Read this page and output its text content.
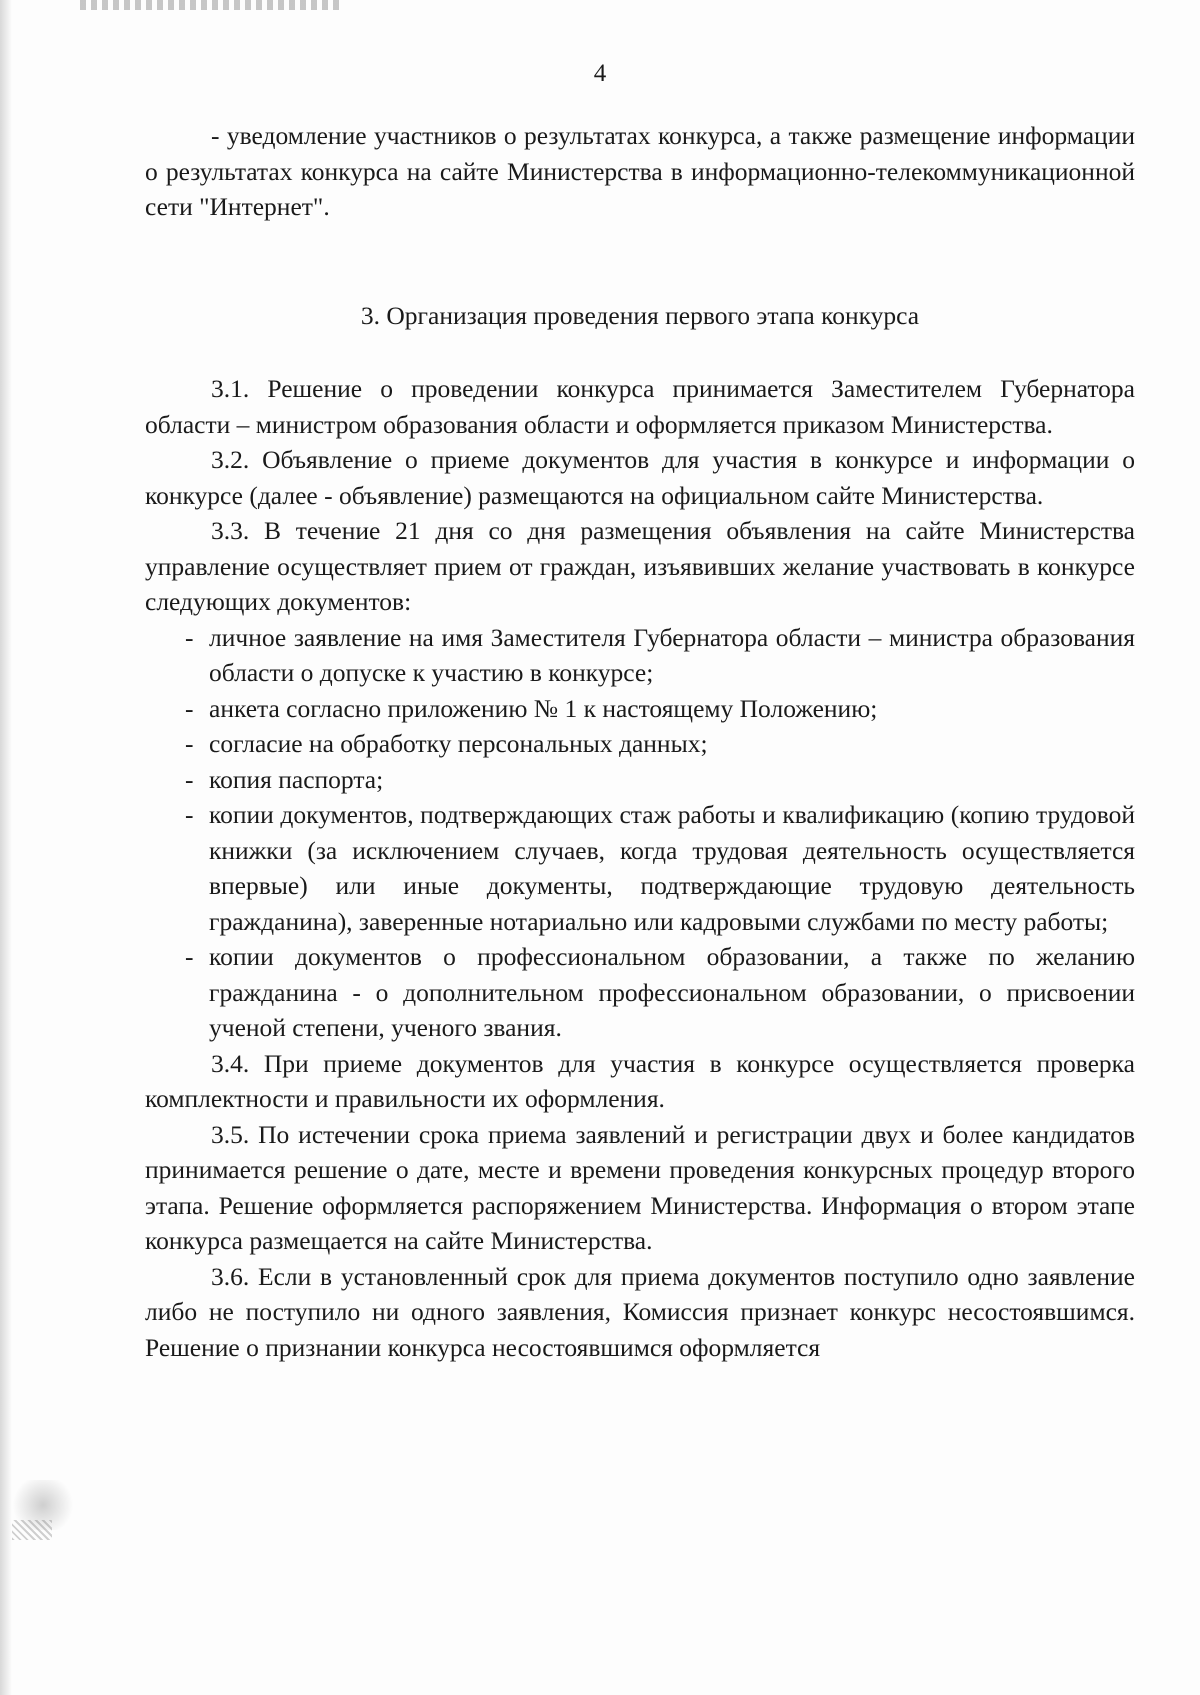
4

- уведомление участников о результатах конкурса, а также размещение информации о результатах конкурса на сайте Министерства в информационно-телекоммуникационной сети "Интернет".

3. Организация проведения первого этапа конкурса

3.1. Решение о проведении конкурса принимается Заместителем Губернатора области – министром образования области и оформляется приказом Министерства.

3.2. Объявление о приеме документов для участия в конкурсе и информации о конкурсе (далее - объявление) размещаются на официальном сайте Министерства.

3.3. В течение 21 дня со дня размещения объявления на сайте Министерства управление осуществляет прием от граждан, изъявивших желание участвовать в конкурсе следующих документов:

- личное заявление на имя Заместителя Губернатора области – министра образования области о допуске к участию в конкурсе;
- анкета согласно приложению № 1 к настоящему Положению;
- согласие на обработку персональных данных;
- копия паспорта;
- копии документов, подтверждающих стаж работы и квалификацию (копию трудовой книжки (за исключением случаев, когда трудовая деятельность осуществляется впервые) или иные документы, подтверждающие трудовую деятельность гражданина), заверенные нотариально или кадровыми службами по месту работы;
- копии документов о профессиональном образовании, а также по желанию гражданина - о дополнительном профессиональном образовании, о присвоении ученой степени, ученого звания.

3.4. При приеме документов для участия в конкурсе осуществляется проверка комплектности и правильности их оформления.

3.5. По истечении срока приема заявлений и регистрации двух и более кандидатов принимается решение о дате, месте и времени проведения конкурсных процедур второго этапа. Решение оформляется распоряжением Министерства. Информация о втором этапе конкурса размещается на сайте Министерства.

3.6. Если в установленный срок для приема документов поступило одно заявление либо не поступило ни одного заявления, Комиссия признает конкурс несостоявшимся. Решение о признании конкурса несостоявшимся оформляется
